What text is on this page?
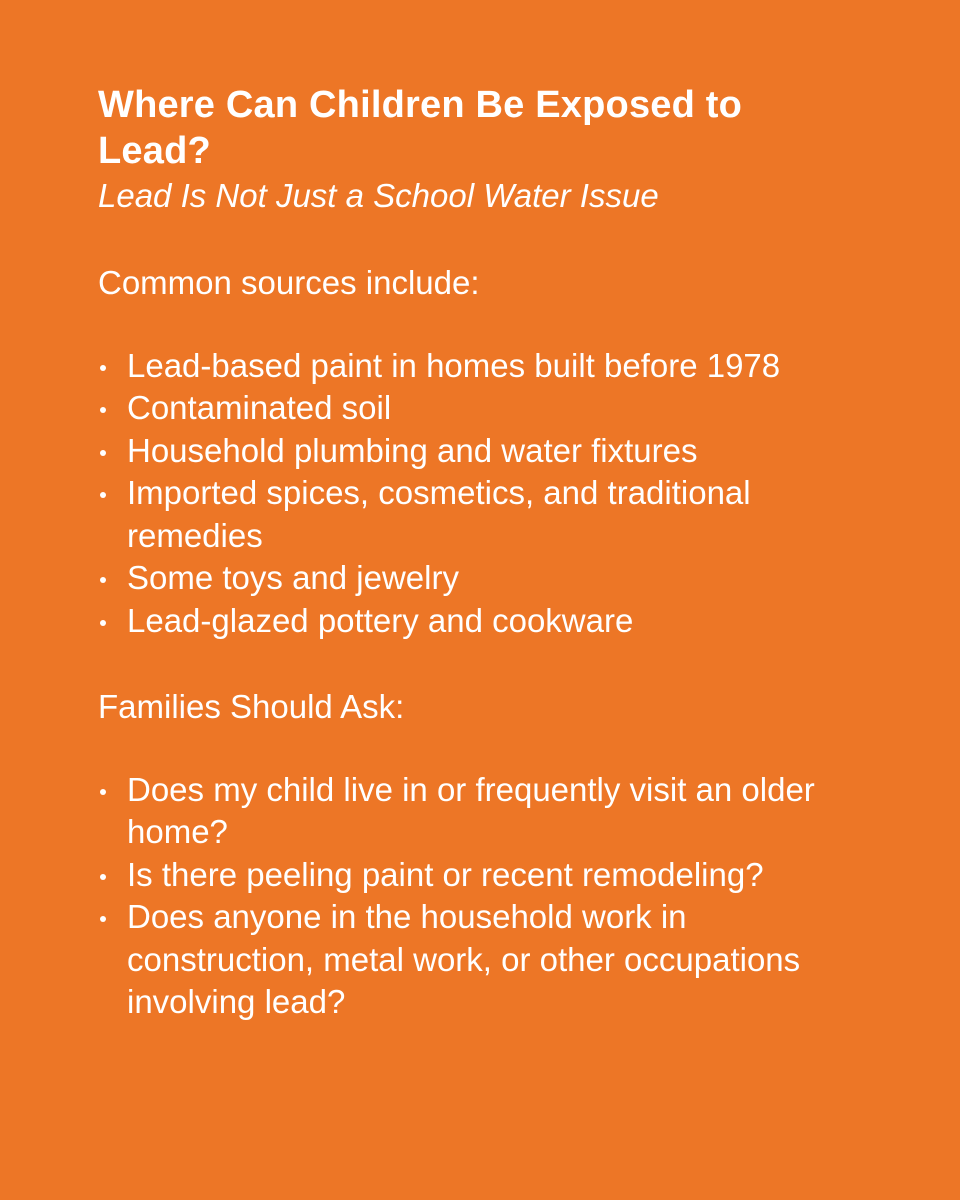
Where Can Children Be Exposed to Lead?

Lead Is Not Just a School Water Issue

Common sources include:

Lead-based paint in homes built before 1978
Contaminated soil
Household plumbing and water fixtures
Imported spices, cosmetics, and traditional remedies
Some toys and jewelry
Lead-glazed pottery and cookware

Families Should Ask:

Does my child live in or frequently visit an older home?
Is there peeling paint or recent remodeling?
Does anyone in the household work in construction, metal work, or other occupations involving lead?
